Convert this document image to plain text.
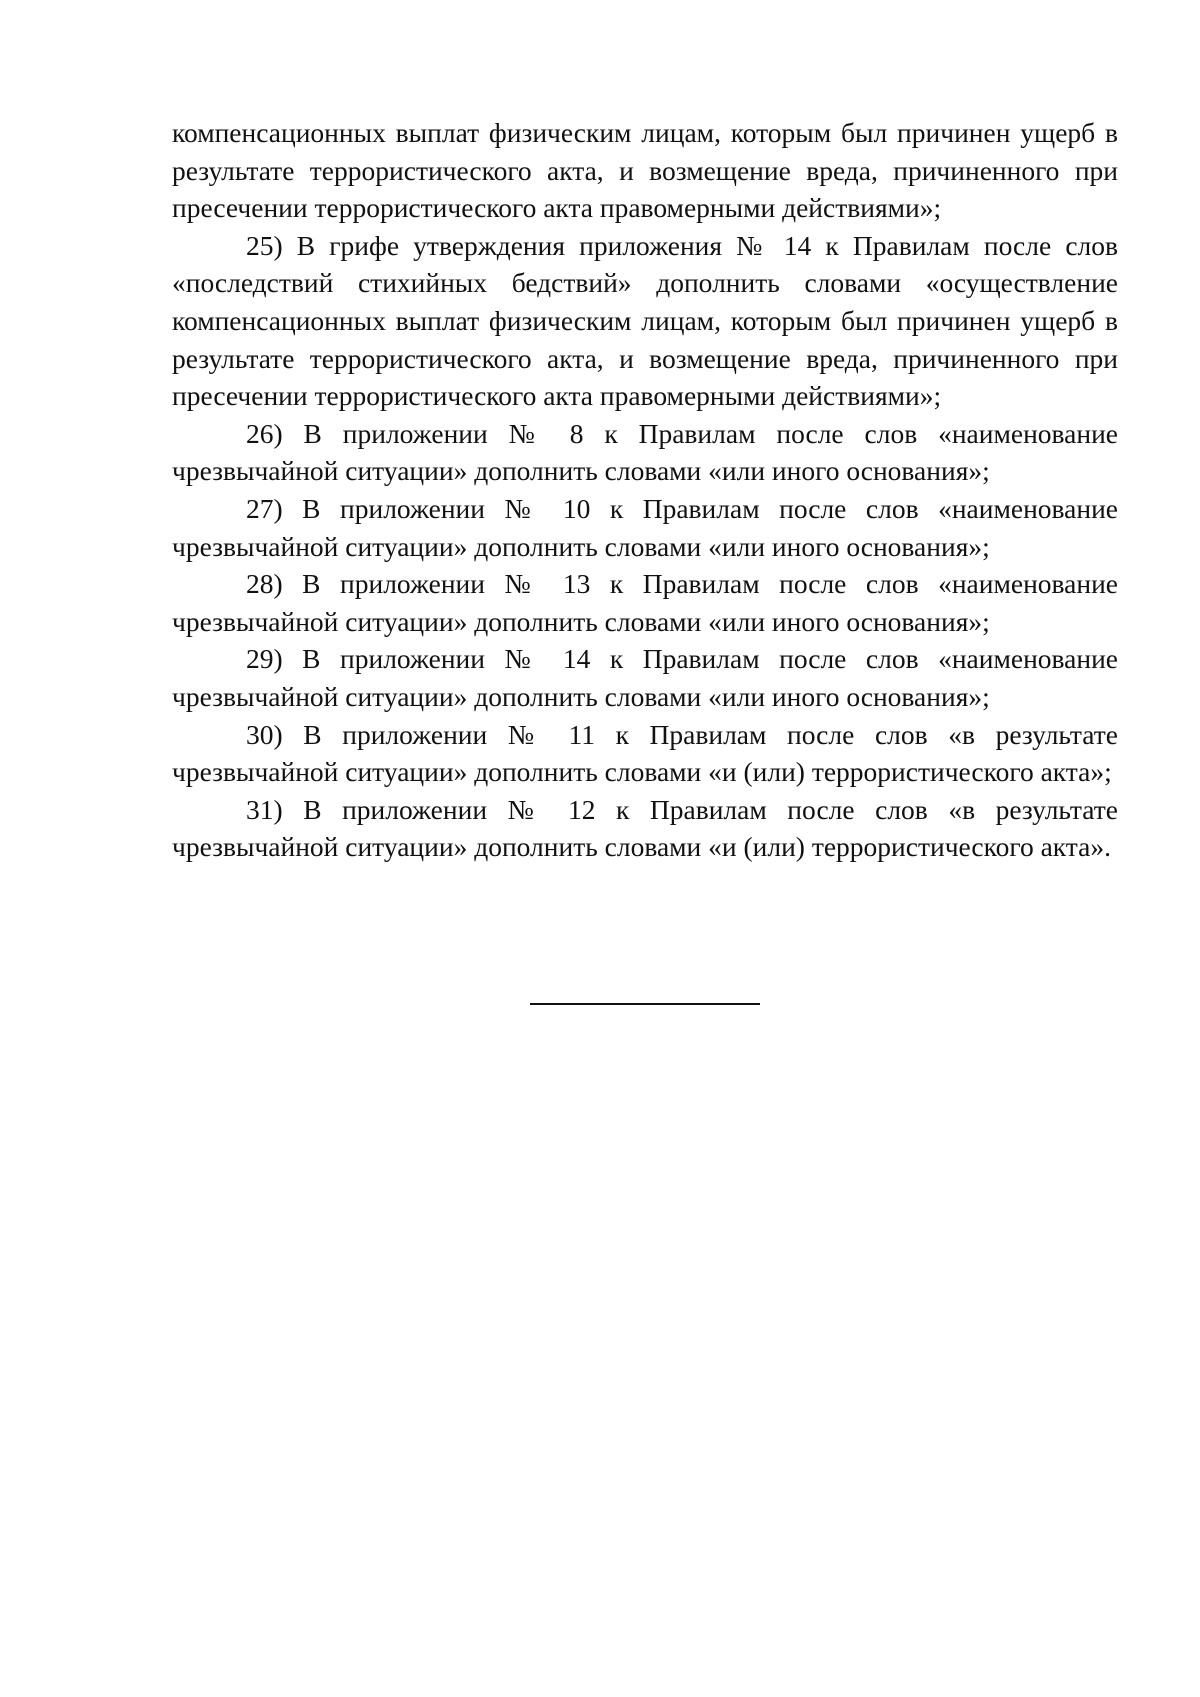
компенсационных выплат физическим лицам, которым был причинен ущерб в результате террористического акта, и возмещение вреда, причиненного при пресечении террористического акта правомерными действиями»;

25) В грифе утверждения приложения № 14 к Правилам после слов «последствий стихийных бедствий» дополнить словами «осуществление компенсационных выплат физическим лицам, которым был причинен ущерб в результате террористического акта, и возмещение вреда, причиненного при пресечении террористического акта правомерными действиями»;

26) В приложении № 8 к Правилам после слов «наименование чрезвычайной ситуации» дополнить словами «или иного основания»;

27) В приложении № 10 к Правилам после слов «наименование чрезвычайной ситуации» дополнить словами «или иного основания»;

28) В приложении № 13 к Правилам после слов «наименование чрезвычайной ситуации» дополнить словами «или иного основания»;

29) В приложении № 14 к Правилам после слов «наименование чрезвычайной ситуации» дополнить словами «или иного основания»;

30) В приложении № 11 к Правилам после слов «в результате чрезвычайной ситуации» дополнить словами «и (или) террористического акта»;

31) В приложении № 12 к Правилам после слов «в результате чрезвычайной ситуации» дополнить словами «и (или) террористического акта».
